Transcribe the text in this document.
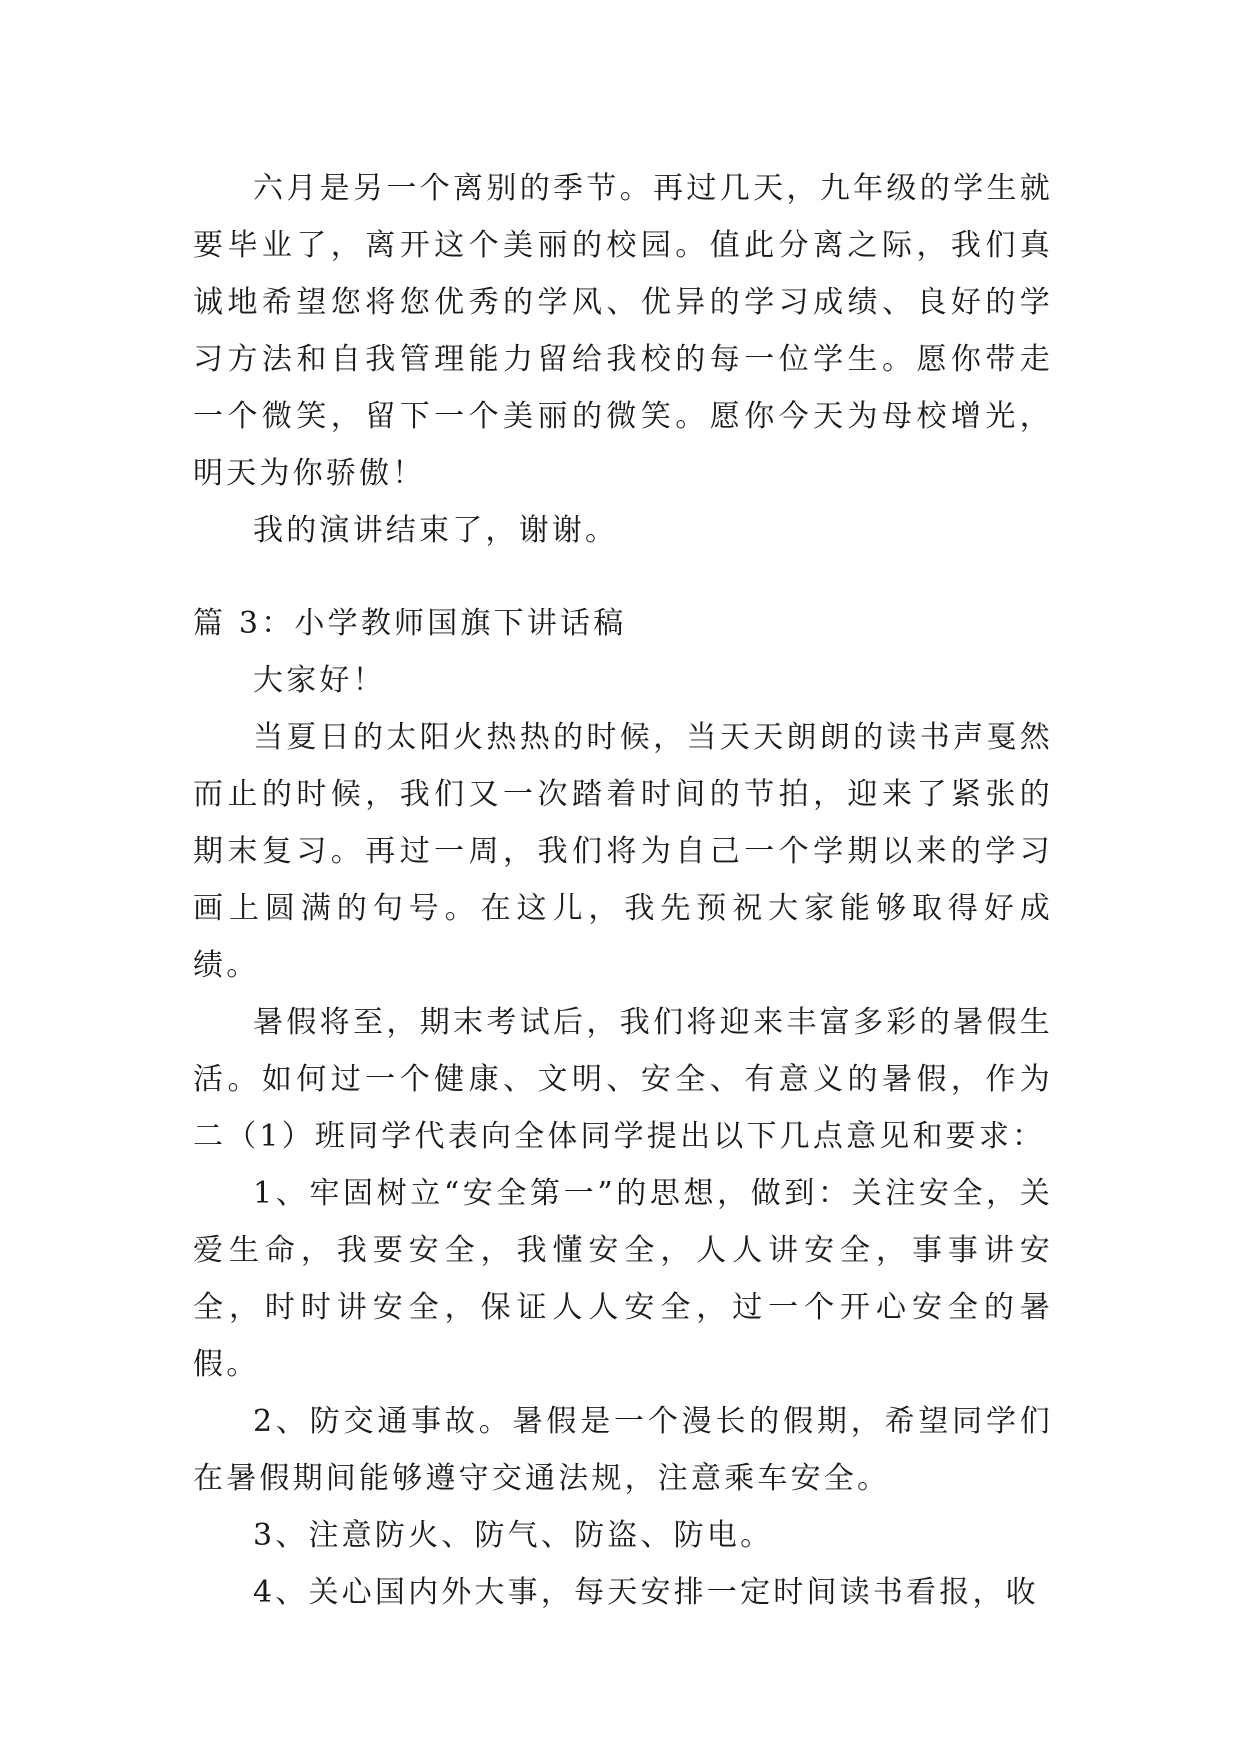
六月是另一个离别的季节。再过几天，九年级的学生就要毕业了，离开这个美丽的校园。值此分离之际，我们真诚地希望您将您优秀的学风、优异的学习成绩、良好的学习方法和自我管理能力留给我校的每一位学生。愿你带走一个微笑，留下一个美丽的微笑。愿你今天为母校增光，明天为你骄傲！

我的演讲结束了，谢谢。

篇 3：小学教师国旗下讲话稿

大家好！

当夏日的太阳火热热的时候，当天天朗朗的读书声戛然而止的时候，我们又一次踏着时间的节拍，迎来了紧张的期末复习。再过一周，我们将为自己一个学期以来的学习画上圆满的句号。在这儿，我先预祝大家能够取得好成绩。

暑假将至，期末考试后，我们将迎来丰富多彩的暑假生活。如何过一个健康、文明、安全、有意义的暑假，作为二（1）班同学代表向全体同学提出以下几点意见和要求：

1、牢固树立“安全第一”的思想，做到：关注安全，关爱生命，我要安全，我懂安全，人人讲安全，事事讲安全，时时讲安全，保证人人安全，过一个开心安全的暑假。

2、防交通事故。暑假是一个漫长的假期，希望同学们在暑假期间能够遵守交通法规，注意乘车安全。

3、注意防火、防气、防盗、防电。

4、关心国内外大事，每天安排一定时间读书看报，收
